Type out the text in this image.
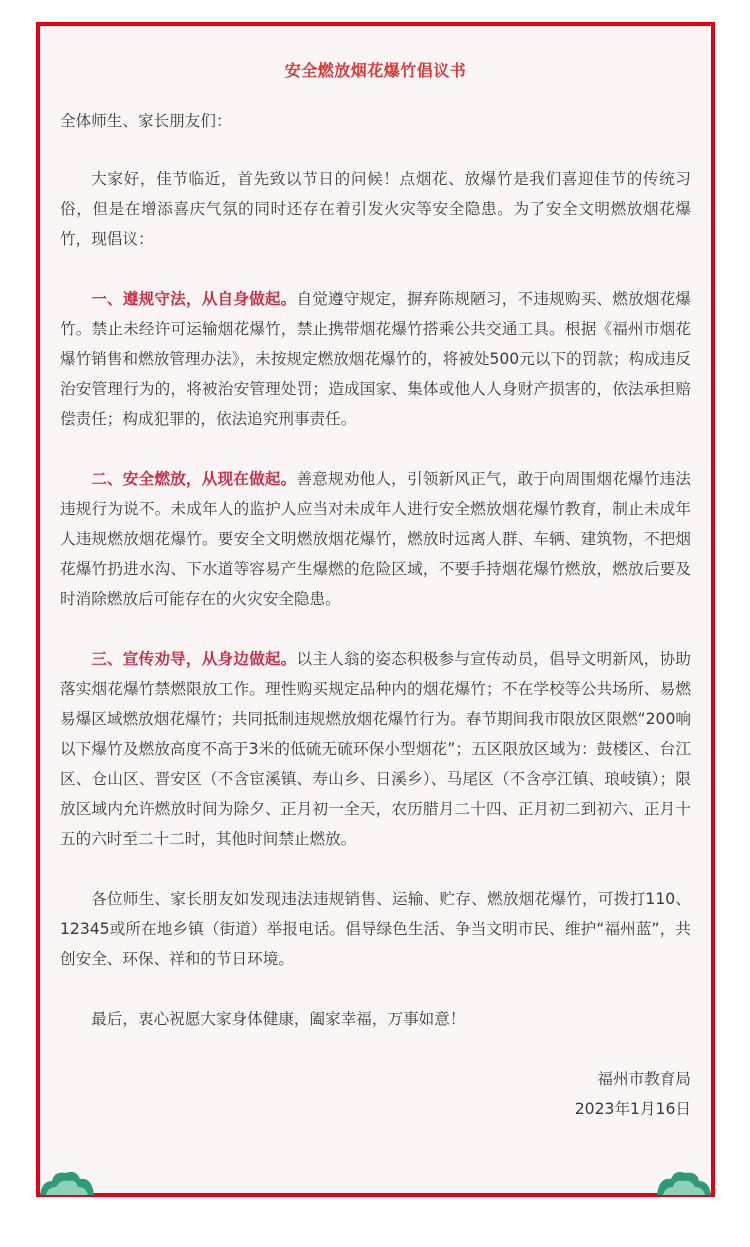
安全燃放烟花爆竹倡议书

全体师生、家长朋友们：

大家好，佳节临近，首先致以节日的问候！点烟花、放爆竹是我们喜迎佳节的传统习俗，但是在增添喜庆气氛的同时还存在着引发火灾等安全隐患。为了安全文明燃放烟花爆竹，现倡议：

一、遵规守法，从自身做起。自觉遵守规定，摒弃陈规陋习，不违规购买、燃放烟花爆竹。禁止未经许可运输烟花爆竹，禁止携带烟花爆竹搭乘公共交通工具。根据《福州市烟花爆竹销售和燃放管理办法》，未按规定燃放烟花爆竹的，将被处500元以下的罚款；构成违反治安管理行为的，将被治安管理处罚；造成国家、集体或他人人身财产损害的，依法承担赔偿责任；构成犯罪的，依法追究刑事责任。

二、安全燃放，从现在做起。善意规劝他人，引领新风正气，敢于向周围烟花爆竹违法违规行为说不。未成年人的监护人应当对未成年人进行安全燃放烟花爆竹教育，制止未成年人违规燃放烟花爆竹。要安全文明燃放烟花爆竹，燃放时远离人群、车辆、建筑物，不把烟花爆竹扔进水沟、下水道等容易产生爆燃的危险区域，不要手持烟花爆竹燃放，燃放后要及时消除燃放后可能存在的火灾安全隐患。

三、宣传劝导，从身边做起。以主人翁的姿态积极参与宣传动员，倡导文明新风，协助落实烟花爆竹禁燃限放工作。理性购买规定品种内的烟花爆竹；不在学校等公共场所、易燃易爆区域燃放烟花爆竹；共同抵制违规燃放烟花爆竹行为。春节期间我市限放区限燃“200响以下爆竹及燃放高度不高于3米的低硫无硫环保小型烟花”；五区限放区域为：鼓楼区、台江区、仓山区、晋安区（不含宦溪镇、寿山乡、日溪乡）、马尾区（不含亭江镇、琅岐镇）；限放区域内允许燃放时间为除夕、正月初一全天，农历腊月二十四、正月初二到初六、正月十五的六时至二十二时，其他时间禁止燃放。

各位师生、家长朋友如发现违法违规销售、运输、贮存、燃放烟花爆竹，可拨打110、12345或所在地乡镇（街道）举报电话。倡导绿色生活、争当文明市民、维护“福州蓝”，共创安全、环保、祥和的节日环境。

最后，衷心祝愿大家身体健康，阖家幸福，万事如意！

福州市教育局
2023年1月16日
